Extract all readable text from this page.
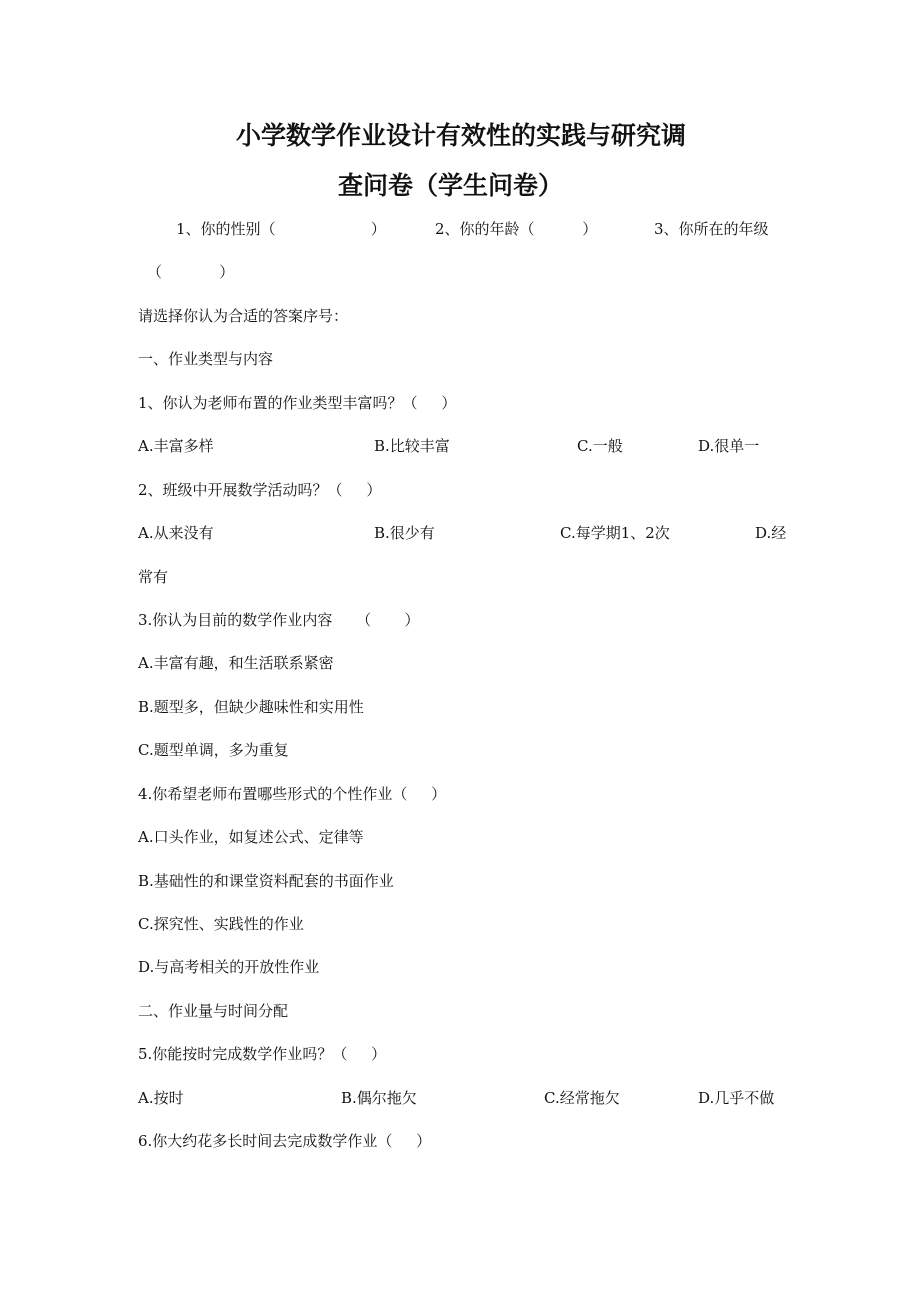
小学数学作业设计有效性的实践与研究调
查问卷（学生问卷）
1、你的性别（                    ）	2、你的年龄（          ）	3、你所在的年级
（            ）
请选择你认为合适的答案序号：
一、作业类型与内容
1、你认为老师布置的作业类型丰富吗？（     ）
A.丰富多样	B.比较丰富	C.一般	D.很单一
2、班级中开展数学活动吗？（     ）
A.从来没有	B.很少有	C.每学期1、2次	D.经
常有
3.你认为目前的数学作业内容     （       ）
A.丰富有趣，和生活联系紧密
B.题型多，但缺少趣味性和实用性
C.题型单调，多为重复
4.你希望老师布置哪些形式的个性作业（     ）
A.口头作业，如复述公式、定律等
B.基础性的和课堂资料配套的书面作业
C.探究性、实践性的作业
D.与高考相关的开放性作业
二、作业量与时间分配
5.你能按时完成数学作业吗？（     ）
A.按时	B.偶尔拖欠	C.经常拖欠	D.几乎不做
6.你大约花多长时间去完成数学作业（     ）
